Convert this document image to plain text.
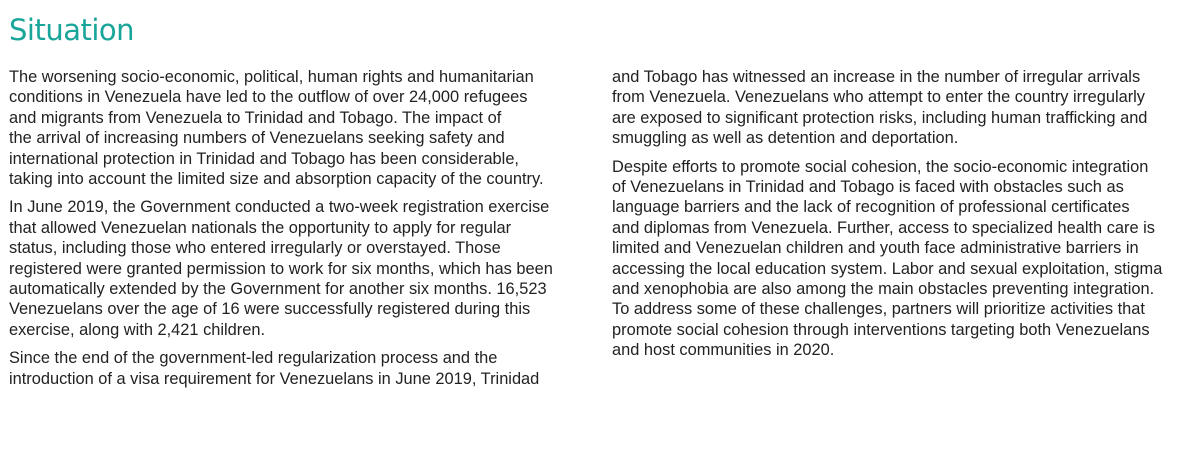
Situation

The worsening socio-economic, political, human rights and humanitarian
conditions in Venezuela have led to the outflow of over 24,000 refugees
and migrants from Venezuela to Trinidad and Tobago. The impact of
the arrival of increasing numbers of Venezuelans seeking safety and
international protection in Trinidad and Tobago has been considerable,
taking into account the limited size and absorption capacity of the country.

In June 2019, the Government conducted a two-week registration exercise
that allowed Venezuelan nationals the opportunity to apply for regular
status, including those who entered irregularly or overstayed. Those
registered were granted permission to work for six months, which has been
automatically extended by the Government for another six months. 16,523
Venezuelans over the age of 16 were successfully registered during this
exercise, along with 2,421 children.

Since the end of the government-led regularization process and the
introduction of a visa requirement for Venezuelans in June 2019, Trinidad

and Tobago has witnessed an increase in the number of irregular arrivals
from Venezuela. Venezuelans who attempt to enter the country irregularly
are exposed to significant protection risks, including human trafficking and
smuggling as well as detention and deportation.

Despite efforts to promote social cohesion, the socio-economic integration
of Venezuelans in Trinidad and Tobago is faced with obstacles such as
language barriers and the lack of recognition of professional certificates
and diplomas from Venezuela. Further, access to specialized health care is
limited and Venezuelan children and youth face administrative barriers in
accessing the local education system. Labor and sexual exploitation, stigma
and xenophobia are also among the main obstacles preventing integration.
To address some of these challenges, partners will prioritize activities that
promote social cohesion through interventions targeting both Venezuelans
and host communities in 2020.
